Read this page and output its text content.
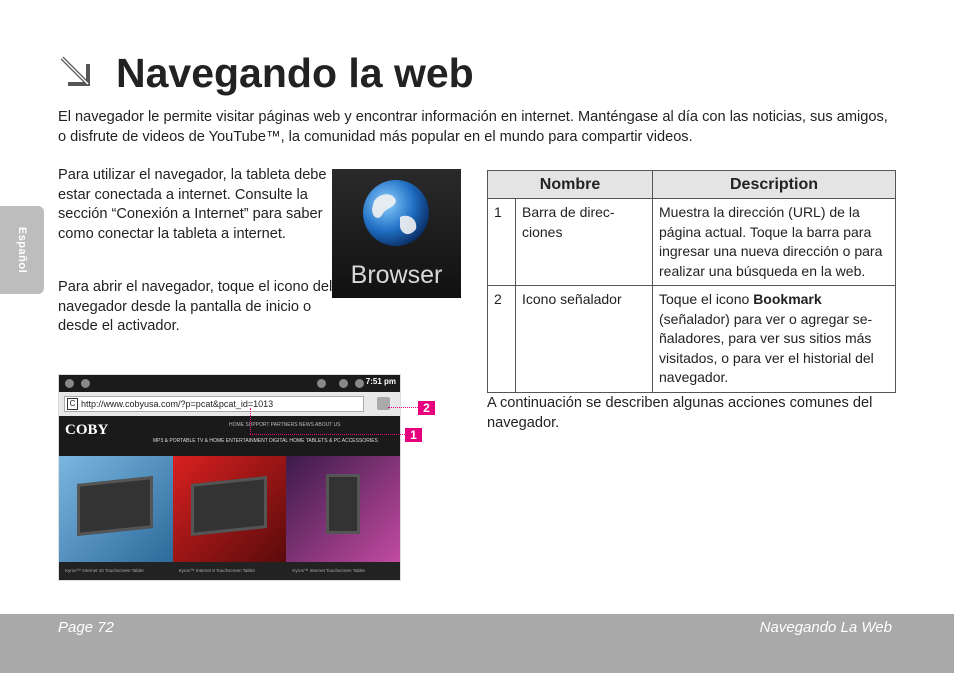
Español
Navegando la web

El navegador le permite visitar páginas web y encontrar información en internet. Manténgase al día con las noticias, sus amigos, o disfrute de videos de YouTube™, la comunidad más popular en el mundo para compartir videos.

Para utilizar el navegador, la tableta debe estar conectada a internet. Consulte la sección “Conexión a Internet” para saber como conectar la tableta a internet.

Para abrir el navegador, toque el icono del navegador desde la pantalla de inicio o desde el activador.

Browser
Nombre		Description
1	Barra de direc-ciones	Muestra la dirección (URL) de la página actual. Toque la barra para ingresar una nueva dirección o para realizar una búsqueda en la web.
2	Icono señalador	Toque el icono Bookmark (señalador) para ver o agregar se-ñaladores, para ver sus sitios más visitados, o para ver el historial del navegador.

A continuación se describen algunas acciones comunes del navegador.

7:51 pm
C http://www.cobyusa.com/?p=pcat&pcat_id=1013
COBY	HOME SUPPORT PARTNERS NEWS ABOUT US
MP3 & PORTABLE TV & HOME ENTERTAINMENT DIGITAL HOME TABLETS & PC ACCESSORIES
Kyros™ Internet 10 Touchscreen Tablet	Kyros™ Internet 8 Touchscreen Tablet	Kyros™ Internet Touchscreen Tablet
2
1
Page 72	Navegando La Web
